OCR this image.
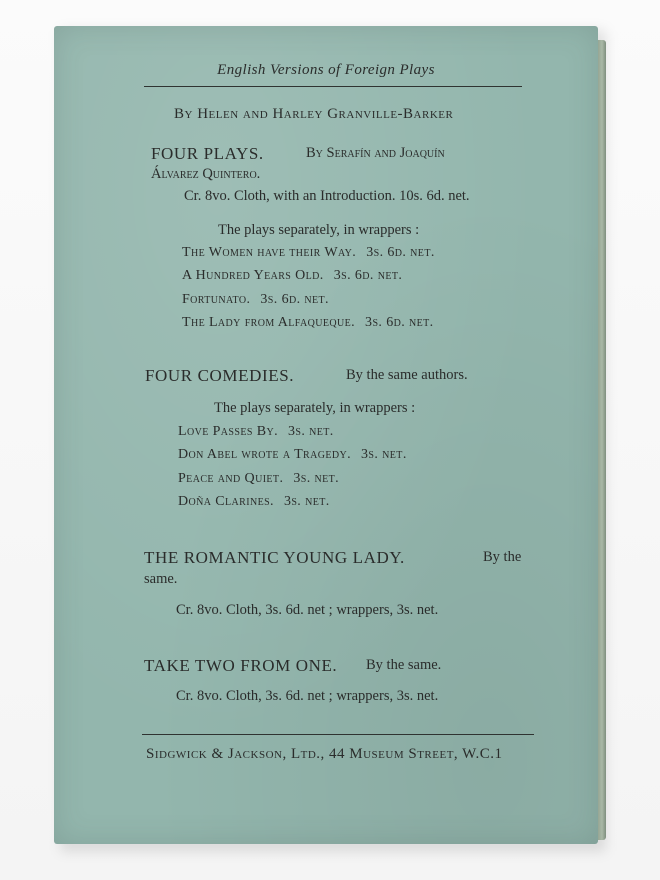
English Versions of Foreign Plays
By Helen and Harley Granville-Barker
FOUR PLAYS.	By Serafín and Joaquín
Álvarez Quintero.
Cr. 8vo. Cloth, with an Introduction. 10s. 6d. net.
The plays separately, in wrappers :
The Women have their Way. 3s. 6d. net.
A Hundred Years Old. 3s. 6d. net.
Fortunato. 3s. 6d. net.
The Lady from Alfaqueque. 3s. 6d. net.
FOUR COMEDIES.	By the same authors.
The plays separately, in wrappers :
Love Passes By. 3s. net.
Don Abel wrote a Tragedy. 3s. net.
Peace and Quiet. 3s. net.
Doña Clarines. 3s. net.
THE ROMANTIC YOUNG LADY.	By the
same.
Cr. 8vo. Cloth, 3s. 6d. net ; wrappers, 3s. net.
TAKE TWO FROM ONE. By the same.
Cr. 8vo. Cloth, 3s. 6d. net ; wrappers, 3s. net.
Sidgwick & Jackson, Ltd., 44 Museum Street, W.C.1
